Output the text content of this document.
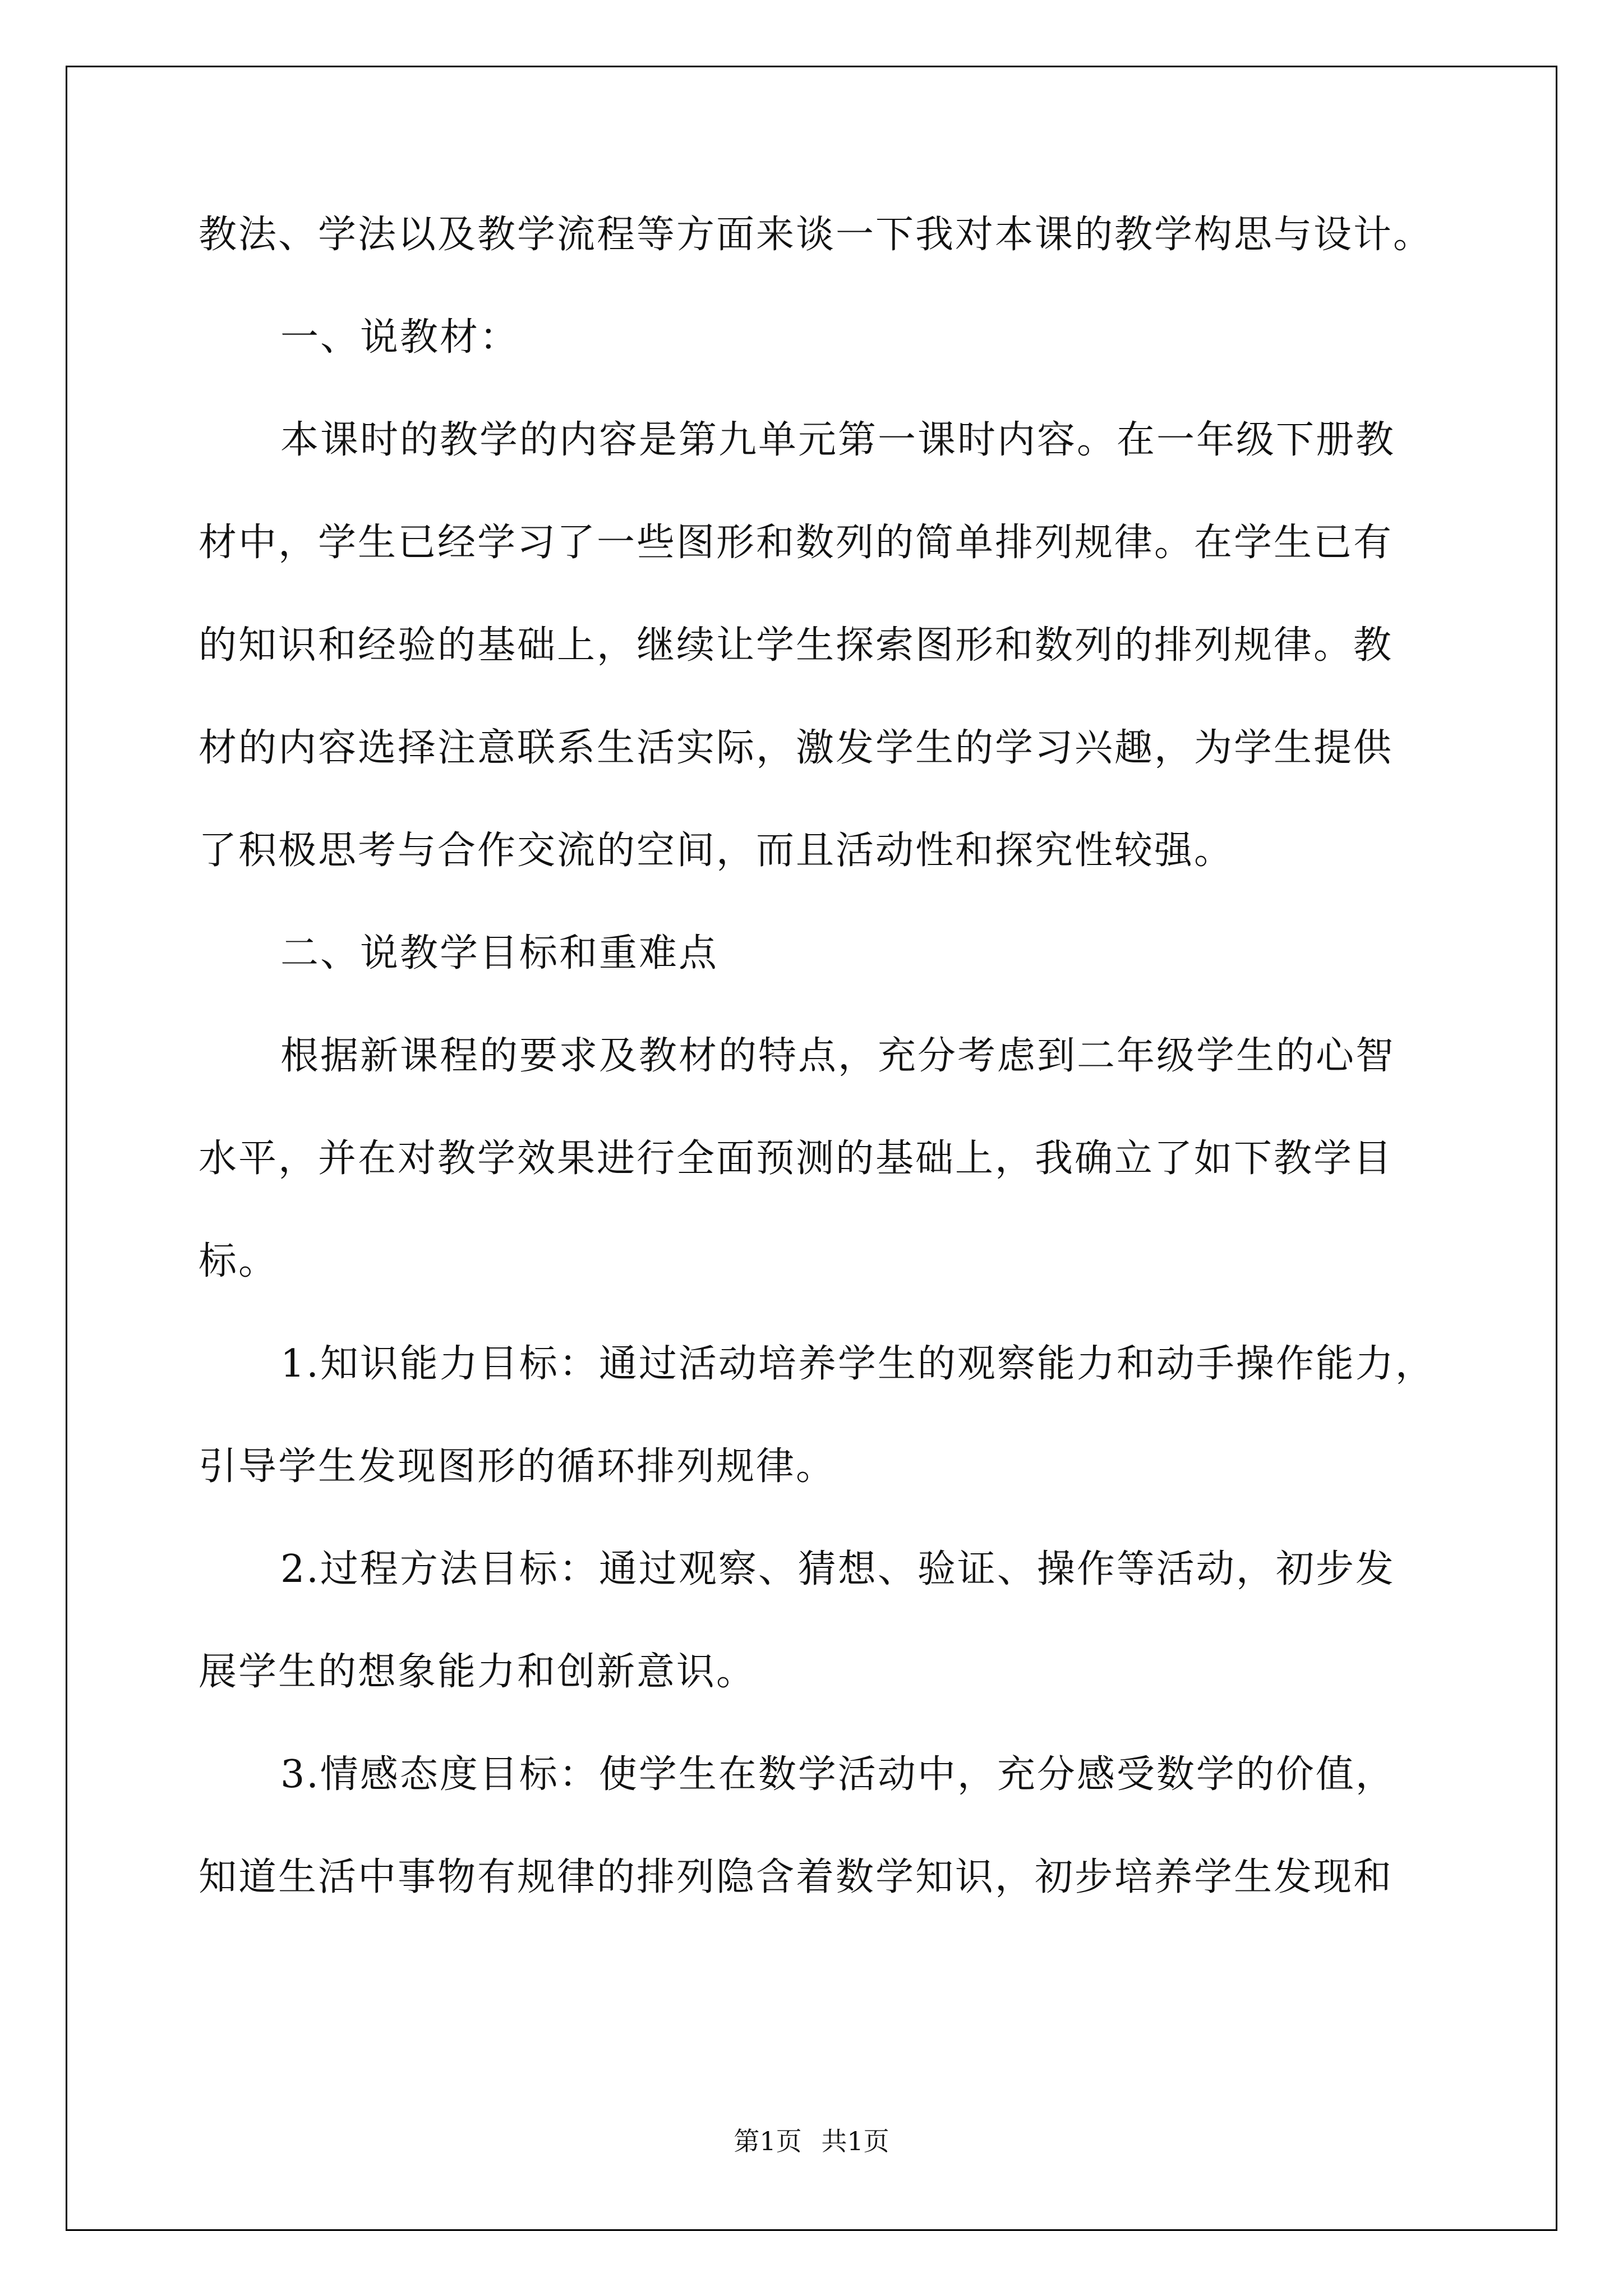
教法、学法以及教学流程等方面来谈一下我对本课的教学构思与设计。
一、说教材：
本课时的教学的内容是第九单元第一课时内容。在一年级下册教
材中，学生已经学习了一些图形和数列的简单排列规律。在学生已有
的知识和经验的基础上，继续让学生探索图形和数列的排列规律。教
材的内容选择注意联系生活实际，激发学生的学习兴趣，为学生提供
了积极思考与合作交流的空间，而且活动性和探究性较强。
二、说教学目标和重难点
根据新课程的要求及教材的特点，充分考虑到二年级学生的心智
水平，并在对教学效果进行全面预测的基础上，我确立了如下教学目
标。
1.知识能力目标：通过活动培养学生的观察能力和动手操作能力，
引导学生发现图形的循环排列规律。
2.过程方法目标：通过观察、猜想、验证、操作等活动，初步发
展学生的想象能力和创新意识。
3.情感态度目标：使学生在数学活动中，充分感受数学的价值，
知道生活中事物有规律的排列隐含着数学知识，初步培养学生发现和
第1页 共1页
